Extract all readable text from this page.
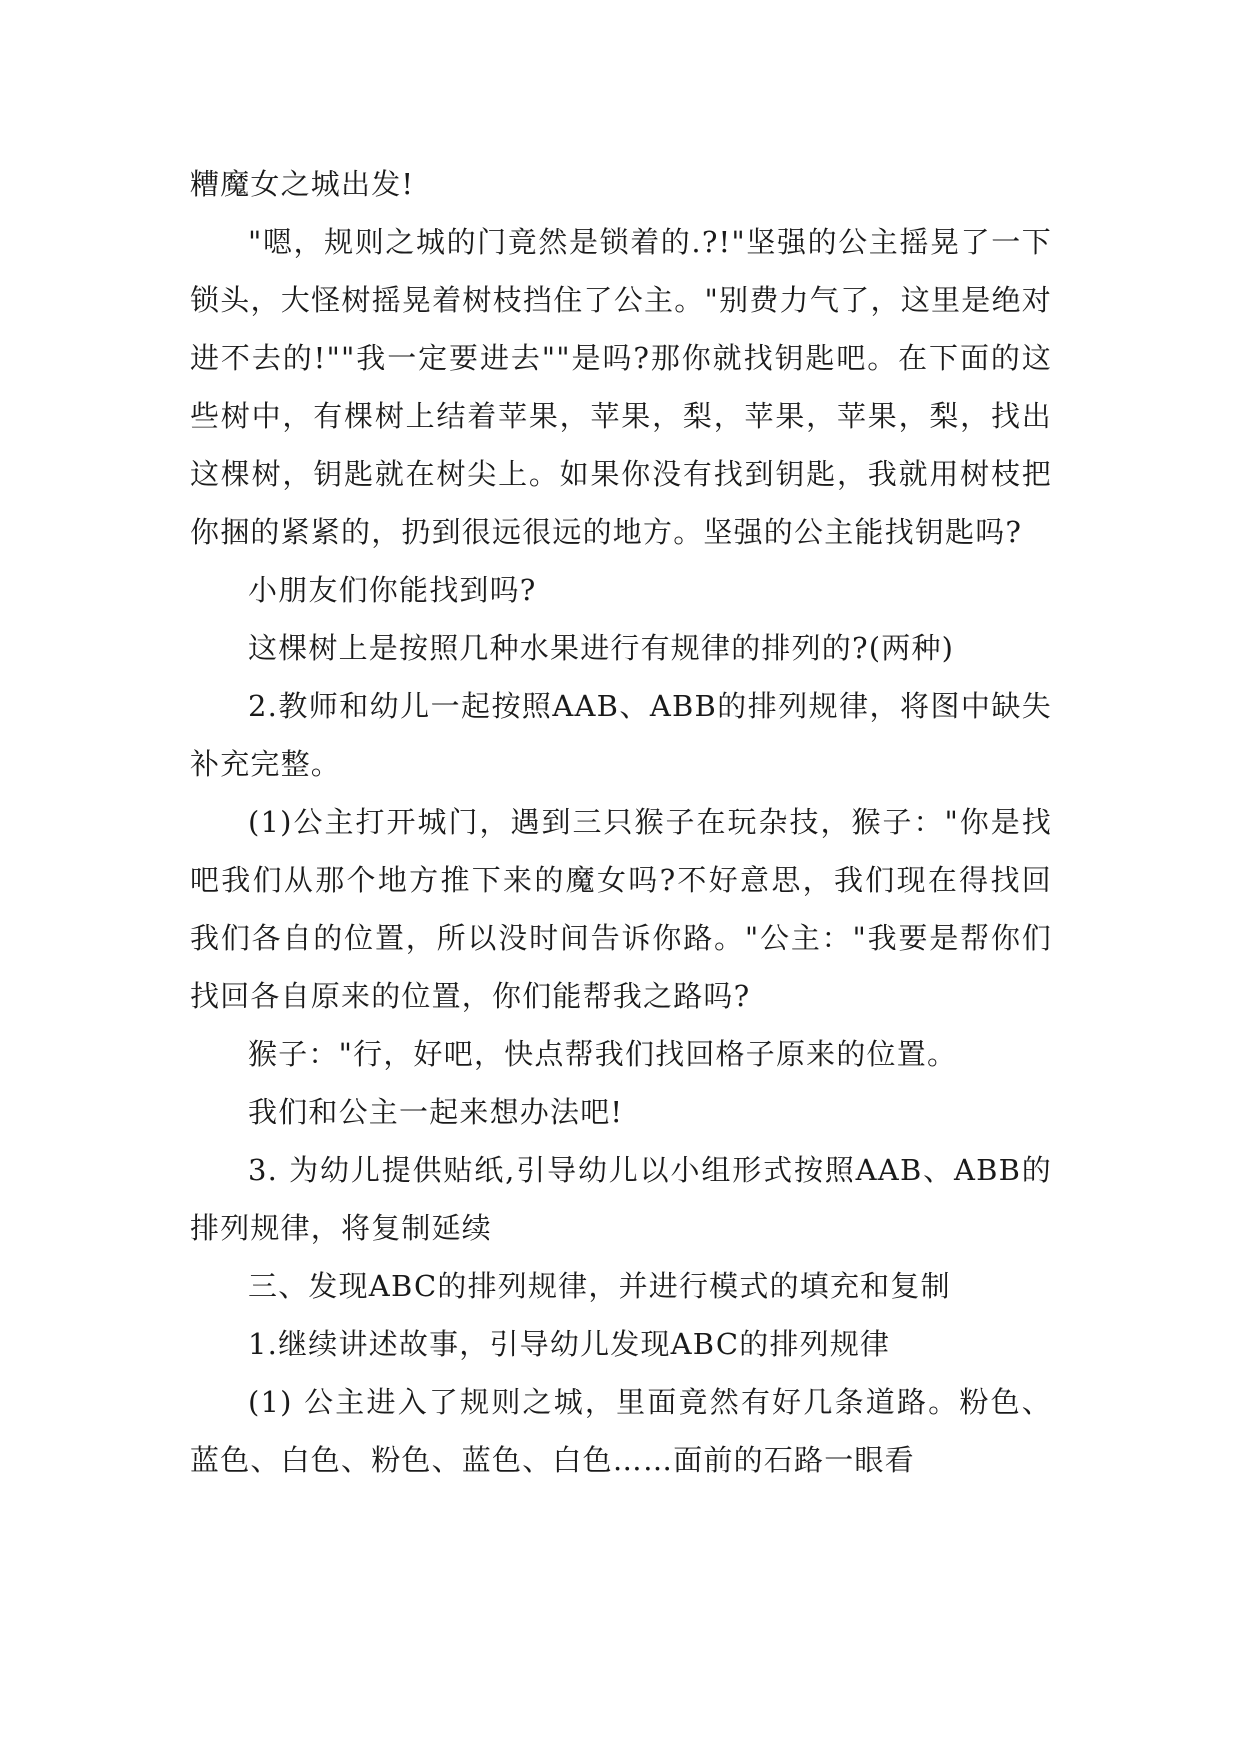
糟魔女之城出发!

"嗯，规则之城的门竟然是锁着的.?!"坚强的公主摇晃了一下锁头，大怪树摇晃着树枝挡住了公主。"别费力气了，这里是绝对进不去的!""我一定要进去""是吗?那你就找钥匙吧。在下面的这些树中，有棵树上结着苹果，苹果，梨，苹果，苹果，梨，找出这棵树，钥匙就在树尖上。如果你没有找到钥匙，我就用树枝把你捆的紧紧的，扔到很远很远的地方。坚强的公主能找钥匙吗?

小朋友们你能找到吗?

这棵树上是按照几种水果进行有规律的排列的?(两种)

2.教师和幼儿一起按照AAB、ABB的排列规律，将图中缺失补充完整。

(1)公主打开城门，遇到三只猴子在玩杂技，猴子："你是找吧我们从那个地方推下来的魔女吗?不好意思，我们现在得找回我们各自的位置，所以没时间告诉你路。"公主："我要是帮你们找回各自原来的位置，你们能帮我之路吗?

猴子："行，好吧，快点帮我们找回格子原来的位置。

我们和公主一起来想办法吧!

3. 为幼儿提供贴纸,引导幼儿以小组形式按照AAB、ABB的排列规律，将复制延续

三、发现ABC的排列规律，并进行模式的填充和复制

1.继续讲述故事，引导幼儿发现ABC的排列规律

(1) 公主进入了规则之城，里面竟然有好几条道路。粉色、蓝色、白色、粉色、蓝色、白色……面前的石路一眼看
